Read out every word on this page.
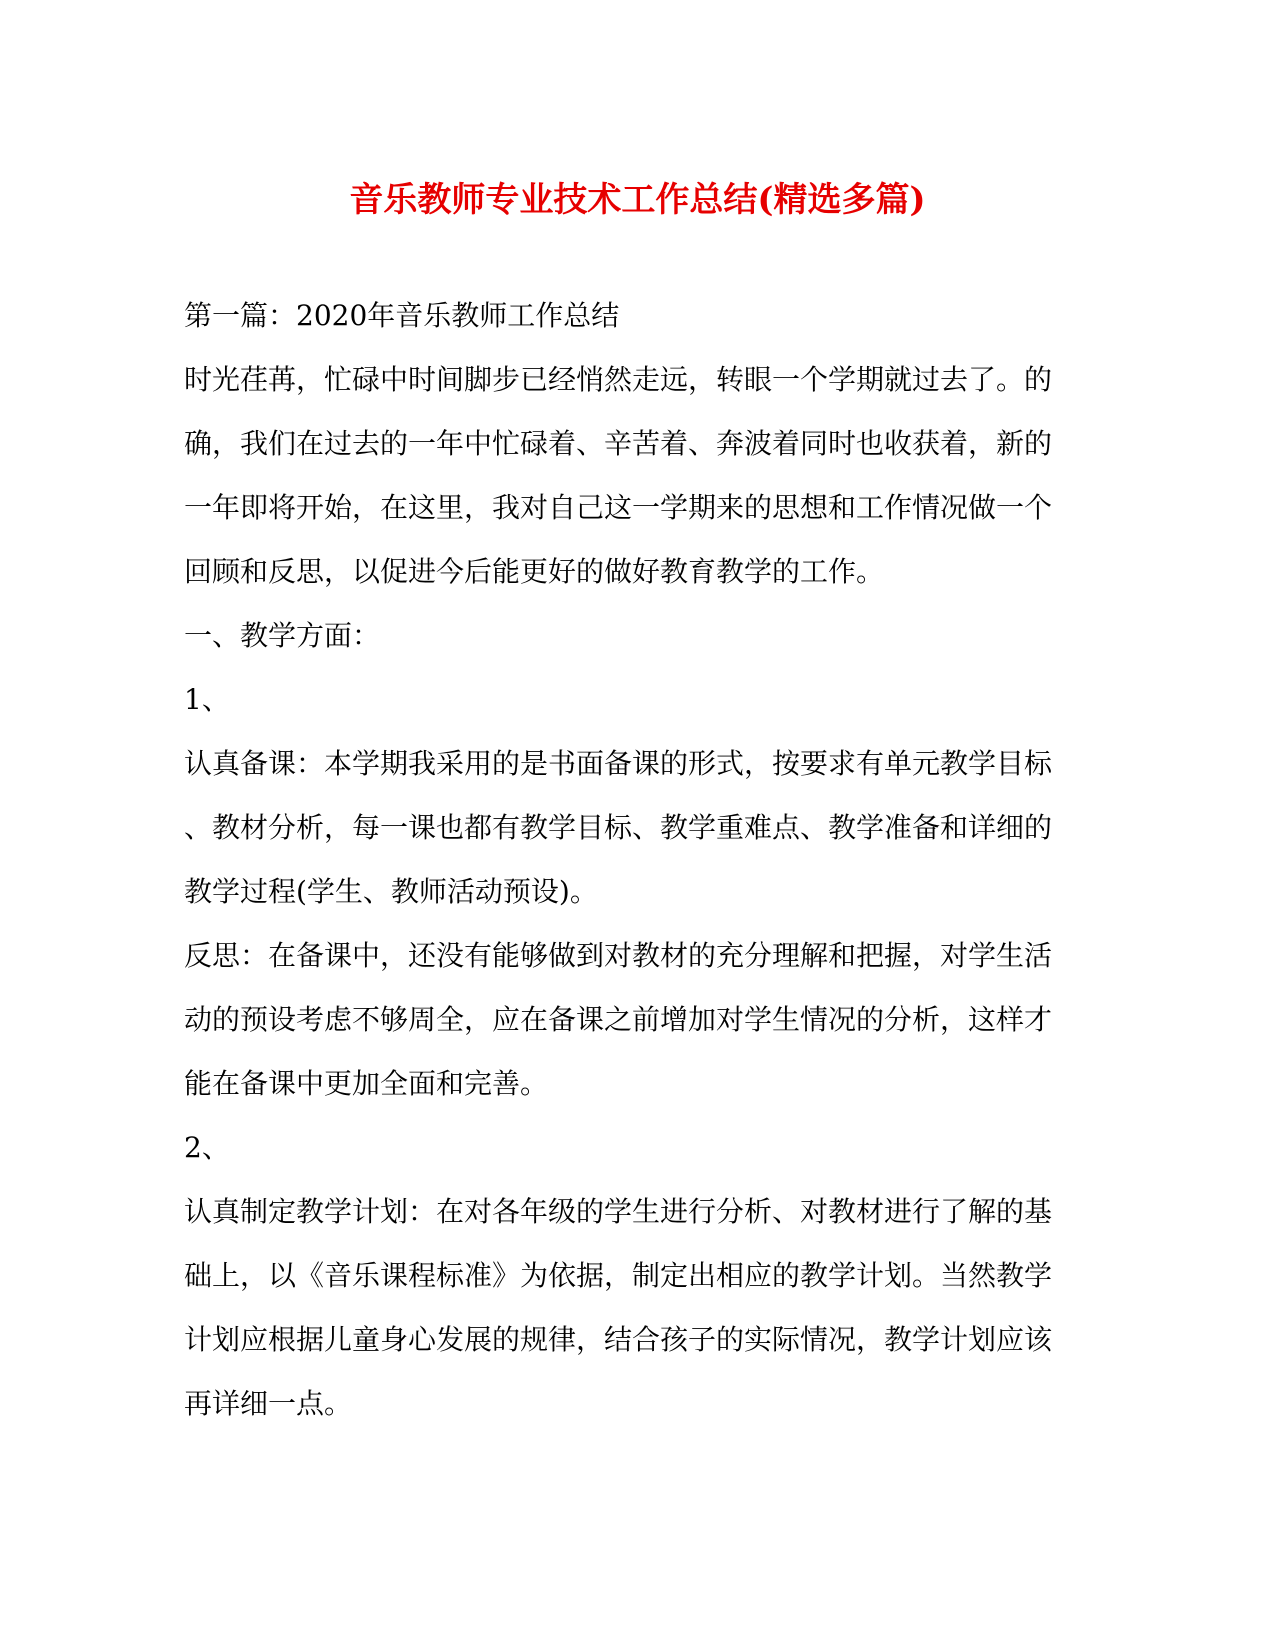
音乐教师专业技术工作总结(精选多篇)
第一篇：2020年音乐教师工作总结
时光荏苒，忙碌中时间脚步已经悄然走远，转眼一个学期就过去了。的
确，我们在过去的一年中忙碌着、辛苦着、奔波着同时也收获着，新的
一年即将开始，在这里，我对自己这一学期来的思想和工作情况做一个
回顾和反思，以促进今后能更好的做好教育教学的工作。
一、教学方面：
1、
认真备课：本学期我采用的是书面备课的形式，按要求有单元教学目标
、教材分析，每一课也都有教学目标、教学重难点、教学准备和详细的
教学过程(学生、教师活动预设)。
反思：在备课中，还没有能够做到对教材的充分理解和把握，对学生活
动的预设考虑不够周全，应在备课之前增加对学生情况的分析，这样才
能在备课中更加全面和完善。
2、
认真制定教学计划：在对各年级的学生进行分析、对教材进行了解的基
础上，以《音乐课程标准》为依据，制定出相应的教学计划。当然教学
计划应根据儿童身心发展的规律，结合孩子的实际情况，教学计划应该
再详细一点。
